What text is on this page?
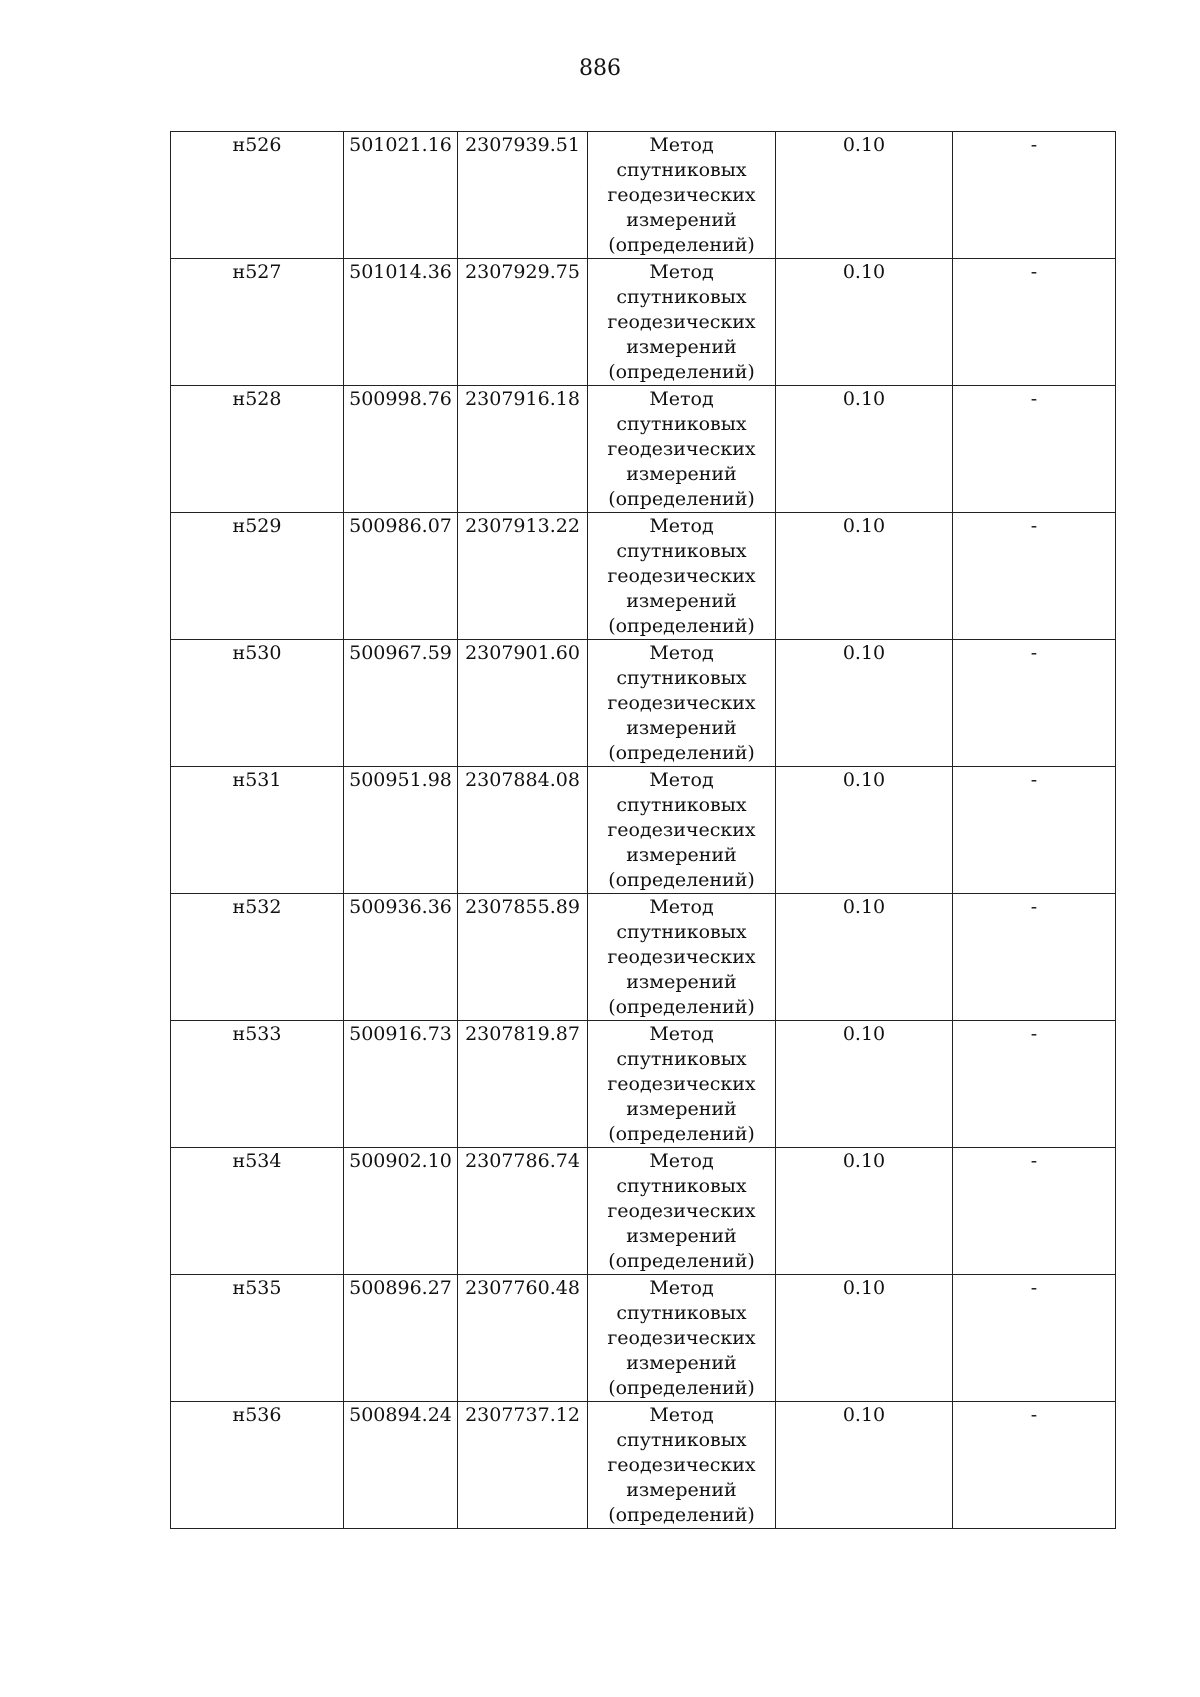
886
н526	501021.16	2307939.51	Метод
спутниковых
геодезических
измерений
(определений)	0.10	-
н527	501014.36	2307929.75	Метод
спутниковых
геодезических
измерений
(определений)	0.10	-
н528	500998.76	2307916.18	Метод
спутниковых
геодезических
измерений
(определений)	0.10	-
н529	500986.07	2307913.22	Метод
спутниковых
геодезических
измерений
(определений)	0.10	-
н530	500967.59	2307901.60	Метод
спутниковых
геодезических
измерений
(определений)	0.10	-
н531	500951.98	2307884.08	Метод
спутниковых
геодезических
измерений
(определений)	0.10	-
н532	500936.36	2307855.89	Метод
спутниковых
геодезических
измерений
(определений)	0.10	-
н533	500916.73	2307819.87	Метод
спутниковых
геодезических
измерений
(определений)	0.10	-
н534	500902.10	2307786.74	Метод
спутниковых
геодезических
измерений
(определений)	0.10	-
н535	500896.27	2307760.48	Метод
спутниковых
геодезических
измерений
(определений)	0.10	-
н536	500894.24	2307737.12	Метод
спутниковых
геодезических
измерений
(определений)	0.10	-
